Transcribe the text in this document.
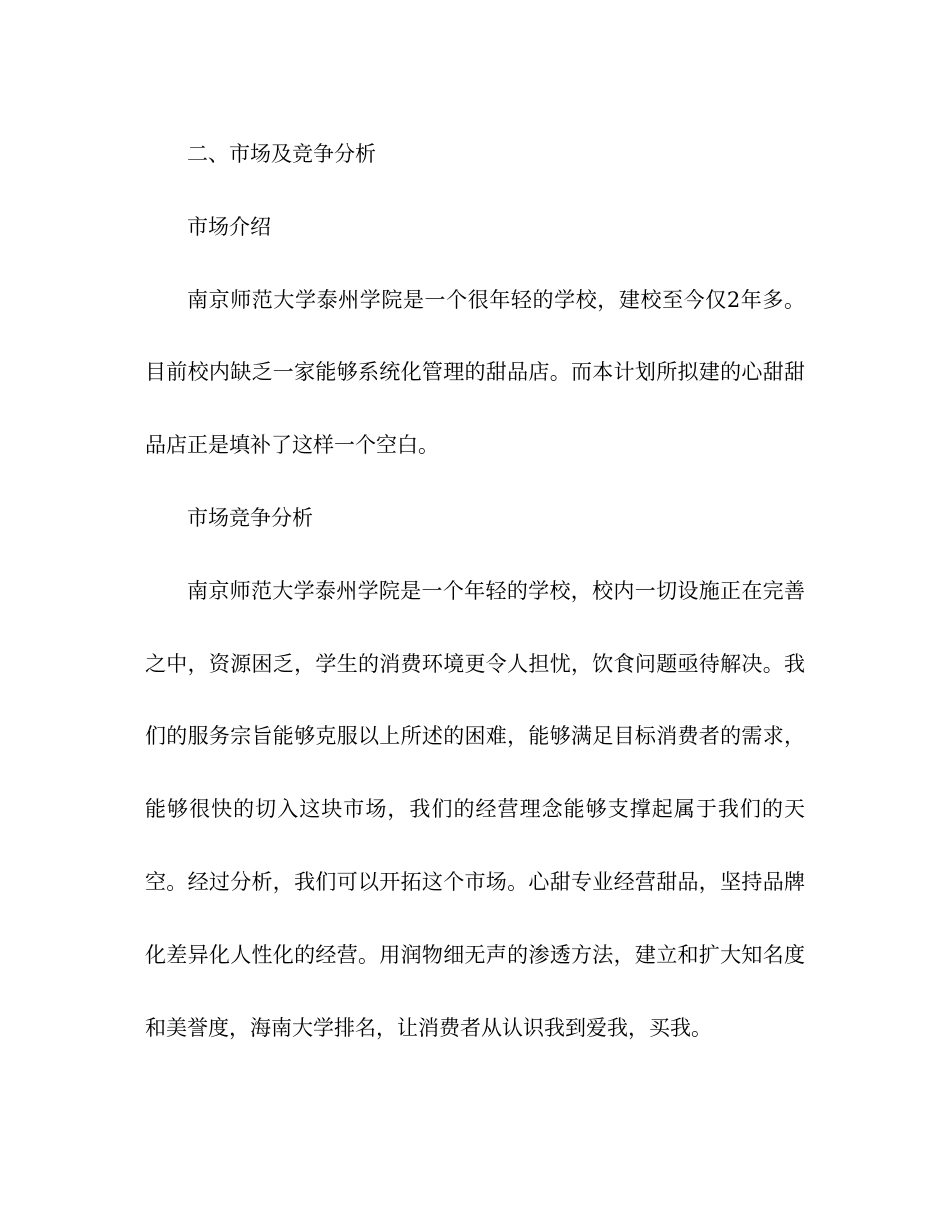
二、市场及竞争分析
市场介绍

南京师范大学泰州学院是一个很年轻的学校，建校至今仅2年多。目前校内缺乏一家能够系统化管理的甜品店。而本计划所拟建的心甜甜品店正是填补了这样一个空白。

市场竞争分析

南京师范大学泰州学院是一个年轻的学校，校内一切设施正在完善之中，资源困乏，学生的消费环境更令人担忧，饮食问题亟待解决。我们的服务宗旨能够克服以上所述的困难，能够满足目标消费者的需求，能够很快的切入这块市场，我们的经营理念能够支撑起属于我们的天空。经过分析，我们可以开拓这个市场。心甜专业经营甜品，坚持品牌化差异化人性化的经营。用润物细无声的渗透方法，建立和扩大知名度和美誉度，海南大学排名，让消费者从认识我到爱我，买我。
